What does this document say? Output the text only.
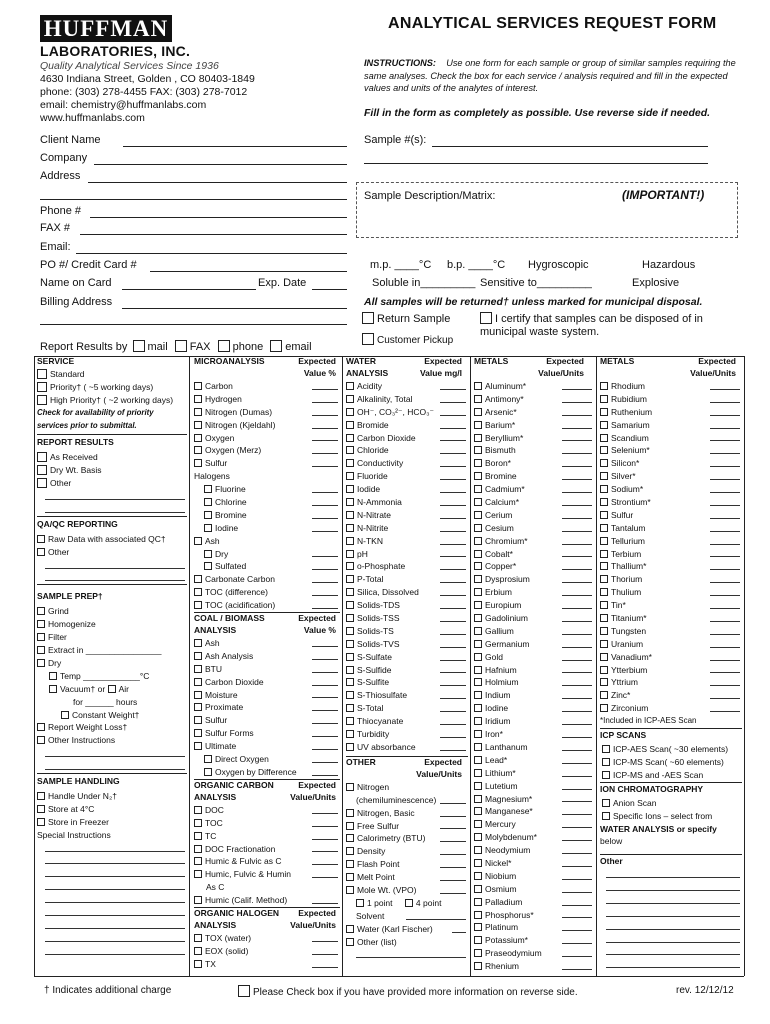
HUFFMAN
LABORATORIES, INC.
Quality Analytical Services Since 1936
4630 Indiana Street, Golden , CO 80403-1849
phone: (303) 278-4455 FAX: (303) 278-7012
email: chemistry@huffmanlabs.com
www.huffmanlabs.com
ANALYTICAL SERVICES REQUEST FORM
INSTRUCTIONS: Use one form for each sample or group of similar samples requiring the same analyses. Check the box for each service / analysis required and fill in the expected values and units of the analytes of interest.
Fill in the form as completely as possible. Use reverse side if needed.
Client Name
Company
Address
Phone #
FAX #
Email:
PO #/ Credit Card #
Name on Card	Exp. Date
Billing Address
Report Results by mail FAX phone email
Sample #(s):
Sample Description/Matrix:	(IMPORTANT!)
m.p. ____°C b.p. ____°C Hygroscopic	Hazardous
Soluble in_________ Sensitive to_________	Explosive
All samples will be returned† unless marked for municipal disposal.
Return Sample
Customer Pickup
I certify that samples can be disposed of in municipal waste system.
SERVICE
Standard
Priority† ( ~5 working days)
High Priority† ( ~2 working days)
Check for availability of priority
services prior to submittal.
REPORT RESULTS
As Received
Dry Wt. Basis
Other
QA/QC REPORTING
Raw Data with associated QC†
Other
SAMPLE PREP†
Grind
Homogenize
Filter
Extract in ________________
Dry
Temp ____________°C
Vacuum† or Air
for ______ hours
Constant Weight†
Report Weight Loss†
Other Instructions
SAMPLE HANDLING
Handle Under N₂†
Store at 4°C
Store in Freezer
Special Instructions
MICROANALYSIS	Expected
Value %
Carbon
Hydrogen
Nitrogen (Dumas)
Nitrogen (Kjeldahl)
Oxygen
Oxygen (Merz)
Sulfur
Halogens
Fluorine
Chlorine
Bromine
Iodine
Ash
Dry
Sulfated
Carbonate Carbon
TOC (difference)
TOC (acidification)
COAL / BIOMASS	Expected
ANALYSIS	Value %
Ash
Ash Analysis
BTU
Carbon Dioxide
Moisture
Proximate
Sulfur
Sulfur Forms
Ultimate
Direct Oxygen
Oxygen by Difference
ORGANIC CARBON	Expected
ANALYSIS	Value/Units
DOC
TOC
TC
DOC Fractionation
Humic & Fulvic as C
Humic, Fulvic & Humin
As C
Humic (Calif. Method)
ORGANIC HALOGEN Expected
ANALYSIS	Value/Units
TOX (water)
EOX (solid)
TX
WATER	Expected
ANALYSIS	Value mg/l
Acidity
Alkalinity, Total
OH⁻, CO₃²⁻, HCO₃⁻
Bromide
Carbon Dioxide
Chloride
Conductivity
Fluoride
Iodide
N-Ammonia
N-Nitrate
N-Nitrite
N-TKN
pH
o-Phosphate
P-Total
Silica, Dissolved
Solids-TDS
Solids-TSS
Solids-TS
Solids-TVS
S-Sulfate
S-Sulfide
S-Sulfite
S-Thiosulfate
S-Total
Thiocyanate
Turbidity
UV absorbance
OTHER	Expected
Value/Units
Nitrogen
(chemiluminescence)
Nitrogen, Basic
Free Sulfur
Calorimetry (BTU)
Density
Flash Point
Melt Point
Mole Wt. (VPO)
1 point	4 point
Solvent
Water (Karl Fischer)
Other (list)
METALS	Expected
Value/Units
Aluminum*
Antimony*
Arsenic*
Barium*
Beryllium*
Bismuth
Boron*
Bromine
Cadmium*
Calcium*
Cerium
Cesium
Chromium*
Cobalt*
Copper*
Dysprosium
Erbium
Europium
Gadolinium
Gallium
Germanium
Gold
Hafnium
Holmium
Indium
Iodine
Iridium
Iron*
Lanthanum
Lead*
Lithium*
Lutetium
Magnesium*
Manganese*
Mercury
Molybdenum*
Neodymium
Nickel*
Niobium
Osmium
Palladium
Phosphorus*
Platinum
Potassium*
Praseodymium
Rhenium
METALS	Expected
Value/Units
Rhodium
Rubidium
Ruthenium
Samarium
Scandium
Selenium*
Silicon*
Silver*
Sodium*
Strontium*
Sulfur
Tantalum
Tellurium
Terbium
Thallium*
Thorium
Thulium
Tin*
Titanium*
Tungsten
Uranium
Vanadium*
Ytterbium
Yttrium
Zinc*
Zirconium
*Included in ICP-AES Scan
ICP SCANS
ICP-AES Scan( ~30 elements)
ICP-MS Scan( ~60 elements)
ICP-MS and -AES Scan
ION CHROMATOGRAPHY
Anion Scan
Specific Ions – select from
WATER ANALYSIS or specify
below
Other
† Indicates additional charge	Please Check box if you have provided more information on reverse side.	rev. 12/12/12
